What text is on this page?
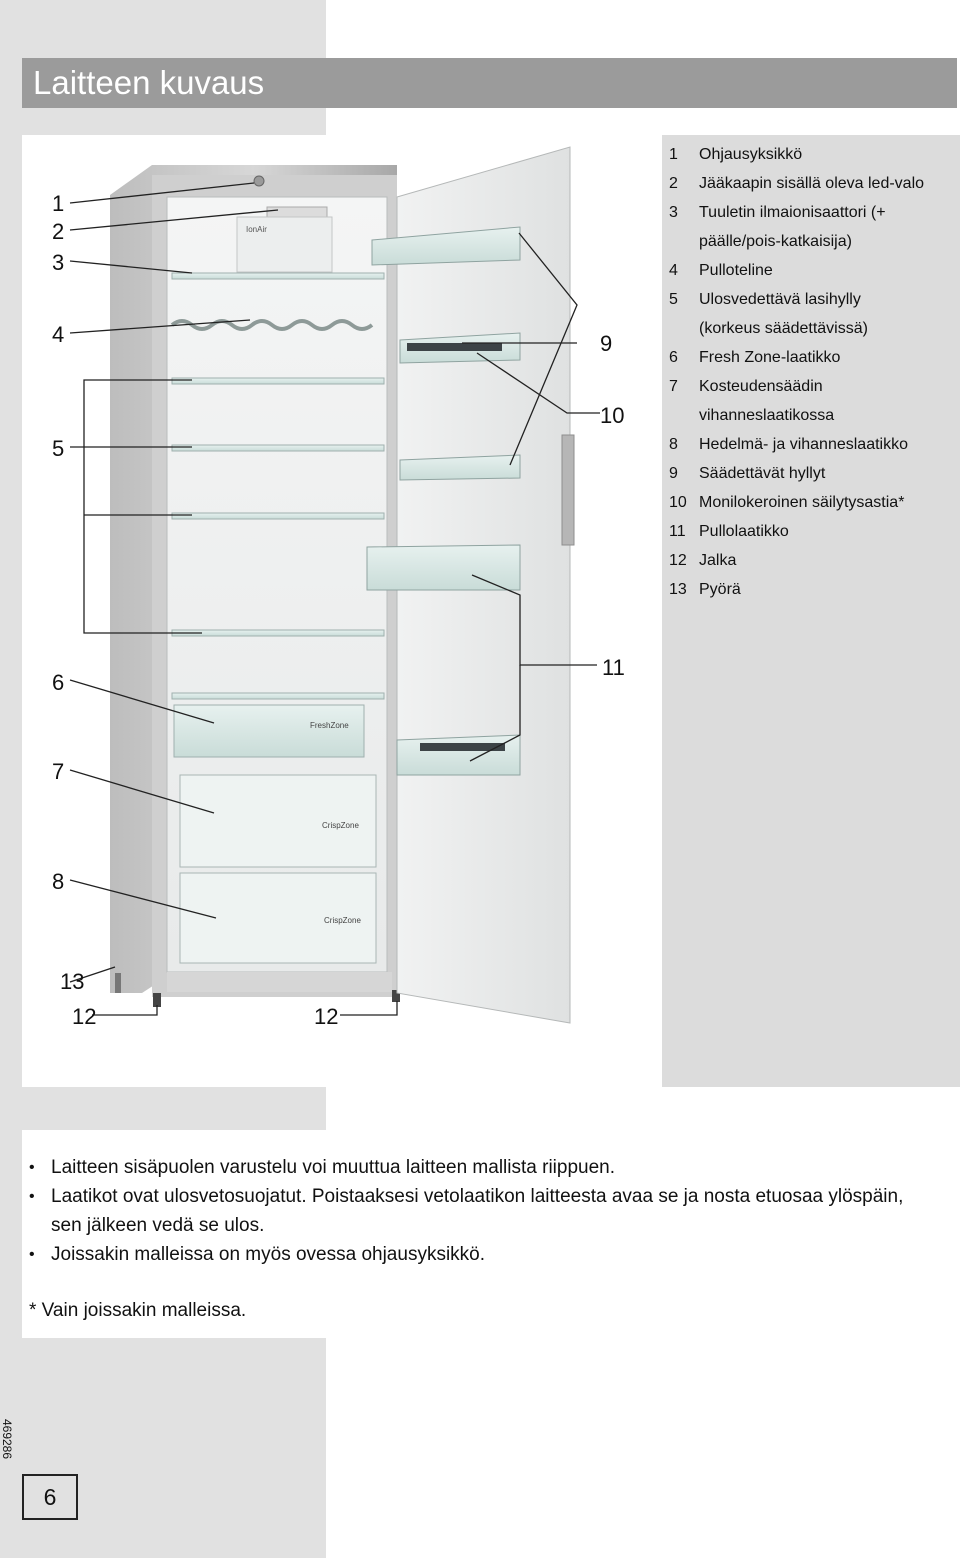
Laitteen kuvaus
IonAir
FreshZone
CrispZone
CrispZone
1
2
3
4
5
6
7
8
9
10
11
12	12
13
1 Ohjausyksikkö
2 Jääkaapin sisällä oleva led-valo
3 Tuuletin ilmaionisaattori (+
päälle/pois-katkaisija)
4 Pulloteline
5 Ulosvedettävä lasihylly
(korkeus säädettävissä)
6 Fresh Zone-laatikko
7 Kosteudensäädin
vihanneslaatikossa
8 Hedelmä- ja vihanneslaatikko
9 Säädettävät hyllyt
10 Monilokeroinen säilytysastia*
11 Pullolaatikko
12 Jalka
13 Pyörä
• Laitteen sisäpuolen varustelu voi muuttua laitteen mallista riippuen.
• Laatikot ovat ulosvetosuojatut. Poistaaksesi vetolaatikon laitteesta avaa se ja nosta etuosaa ylöspäin, sen jälkeen vedä se ulos.
• Joissakin malleissa on myös ovessa ohjausyksikkö.
* Vain joissakin malleissa.
469286
6
